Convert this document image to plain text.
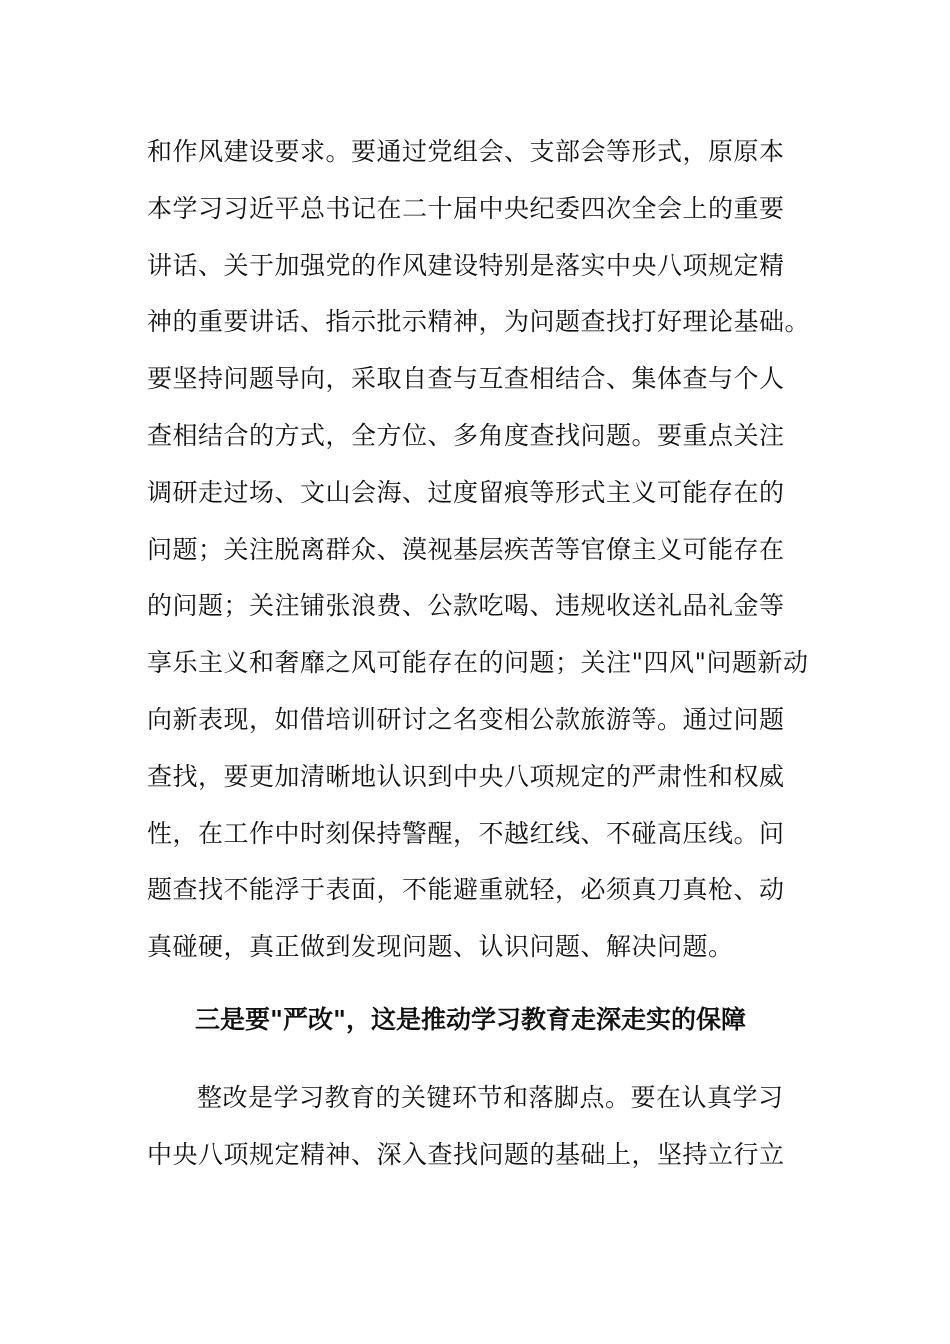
和作风建设要求。要通过党组会、支部会等形式，原原本
本学习习近平总书记在二十届中央纪委四次全会上的重要
讲话、关于加强党的作风建设特别是落实中央八项规定精
神的重要讲话、指示批示精神，为问题查找打好理论基础。
要坚持问题导向，采取自查与互查相结合、集体查与个人
查相结合的方式，全方位、多角度查找问题。要重点关注
调研走过场、文山会海、过度留痕等形式主义可能存在的
问题；关注脱离群众、漠视基层疾苦等官僚主义可能存在
的问题；关注铺张浪费、公款吃喝、违规收送礼品礼金等
享乐主义和奢靡之风可能存在的问题；关注"四风"问题新动
向新表现，如借培训研讨之名变相公款旅游等。通过问题
查找，要更加清晰地认识到中央八项规定的严肃性和权威
性，在工作中时刻保持警醒，不越红线、不碰高压线。问
题查找不能浮于表面，不能避重就轻，必须真刀真枪、动
真碰硬，真正做到发现问题、认识问题、解决问题。
三是要"严改"，这是推动学习教育走深走实的保障
整改是学习教育的关键环节和落脚点。要在认真学习
中央八项规定精神、深入查找问题的基础上，坚持立行立
